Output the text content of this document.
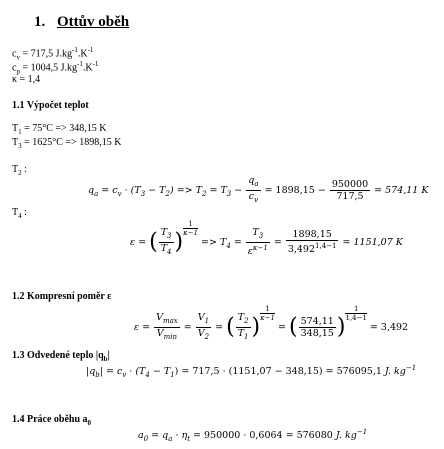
1. Ottův oběh
$c_v = 717,5$ $J.kg^{-1}.K^{-1}$
$c_p = 1004,5$ $J.kg^{-1}.K^{-1}$
κ = 1,4
1.1 Výpočet teplot
$T_1 = 75^\circ C => 348,15$ K
$T_3 = 1625^\circ C => 1898,15$ K
$T_2$ :
$q_a = c_v \cdot (T_3 - T_2) => T_2 = T_3 - \frac{q_a}{c_v} = 1898,15 - \frac{950000}{717,5} = 574,11$ K
$T_4$ :
ε = ( $\frac{T_3}{T_4}$ )
$\frac{1}{\kappa-1}$
=> $T_4 = \frac{T_3}{\varepsilon^{\kappa-1}} = \frac{1898,15}{3,492^{1,4-1}} = 1151,07$ K
1.2 Kompresní poměr ε
$\varepsilon = \frac{V_{max}}{V_{min}} = \frac{V_1}{V_2}$ = ( $\frac{T_2}{T_1}$ )
$\frac{1}{\kappa-1}$
= ( $\frac{574,11}{348,15}$ )
$\frac{1}{1,4-1}$
= 3,492
1.3 Odvedené teplo $|q_b|$
$|q_b| = c_v \cdot (T_4 - T_1) = 717,5 \cdot (1151,07 - 348,15) = 576095,1$ J. $kg^{-1}$
1.4 Práce oběhu $a_0$
$a_0 = q_a \cdot \eta_t = 950000 \cdot 0,6064 = 576080$ J. $kg^{-1}$
